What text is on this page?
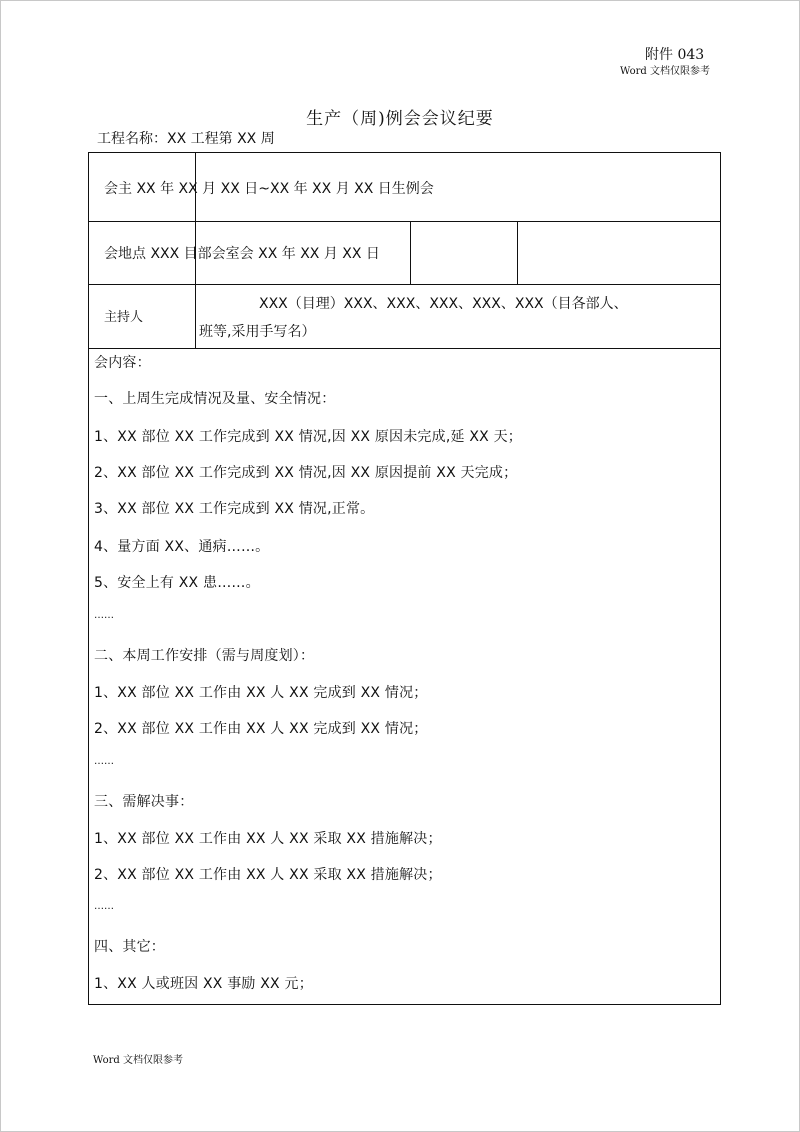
附件 043
Word 文档仅限参考
生产（周)例会会议纪要
工程名称：XX 工程第 XX 周
会主 XX 年 XX 月 XX 日~XX 年 XX 月 XX 日生例会
会地点 XXX 目部会室会 XX 年 XX 月 XX 日
主持人
XXX（目理）XXX、XXX、XXX、XXX、XXX（目各部人、
班等,采用手写名）
会内容：
一、上周生完成情况及量、安全情况：
1、XX 部位 XX 工作完成到 XX 情况,因 XX 原因未完成,延 XX 天；
2、XX 部位 XX 工作完成到 XX 情况,因 XX 原因提前 XX 天完成；
3、XX 部位 XX 工作完成到 XX 情况,正常。
4、量方面 XX、通病……。
5、安全上有 XX 患……。
……
二、本周工作安排（需与周度划）：
1、XX 部位 XX 工作由 XX 人 XX 完成到 XX 情况；
2、XX 部位 XX 工作由 XX 人 XX 完成到 XX 情况；
……
三、需解决事：
1、XX 部位 XX 工作由 XX 人 XX 采取 XX 措施解决；
2、XX 部位 XX 工作由 XX 人 XX 采取 XX 措施解决；
……
四、其它：
1、XX 人或班因 XX 事励 XX 元；
Word 文档仅限参考
